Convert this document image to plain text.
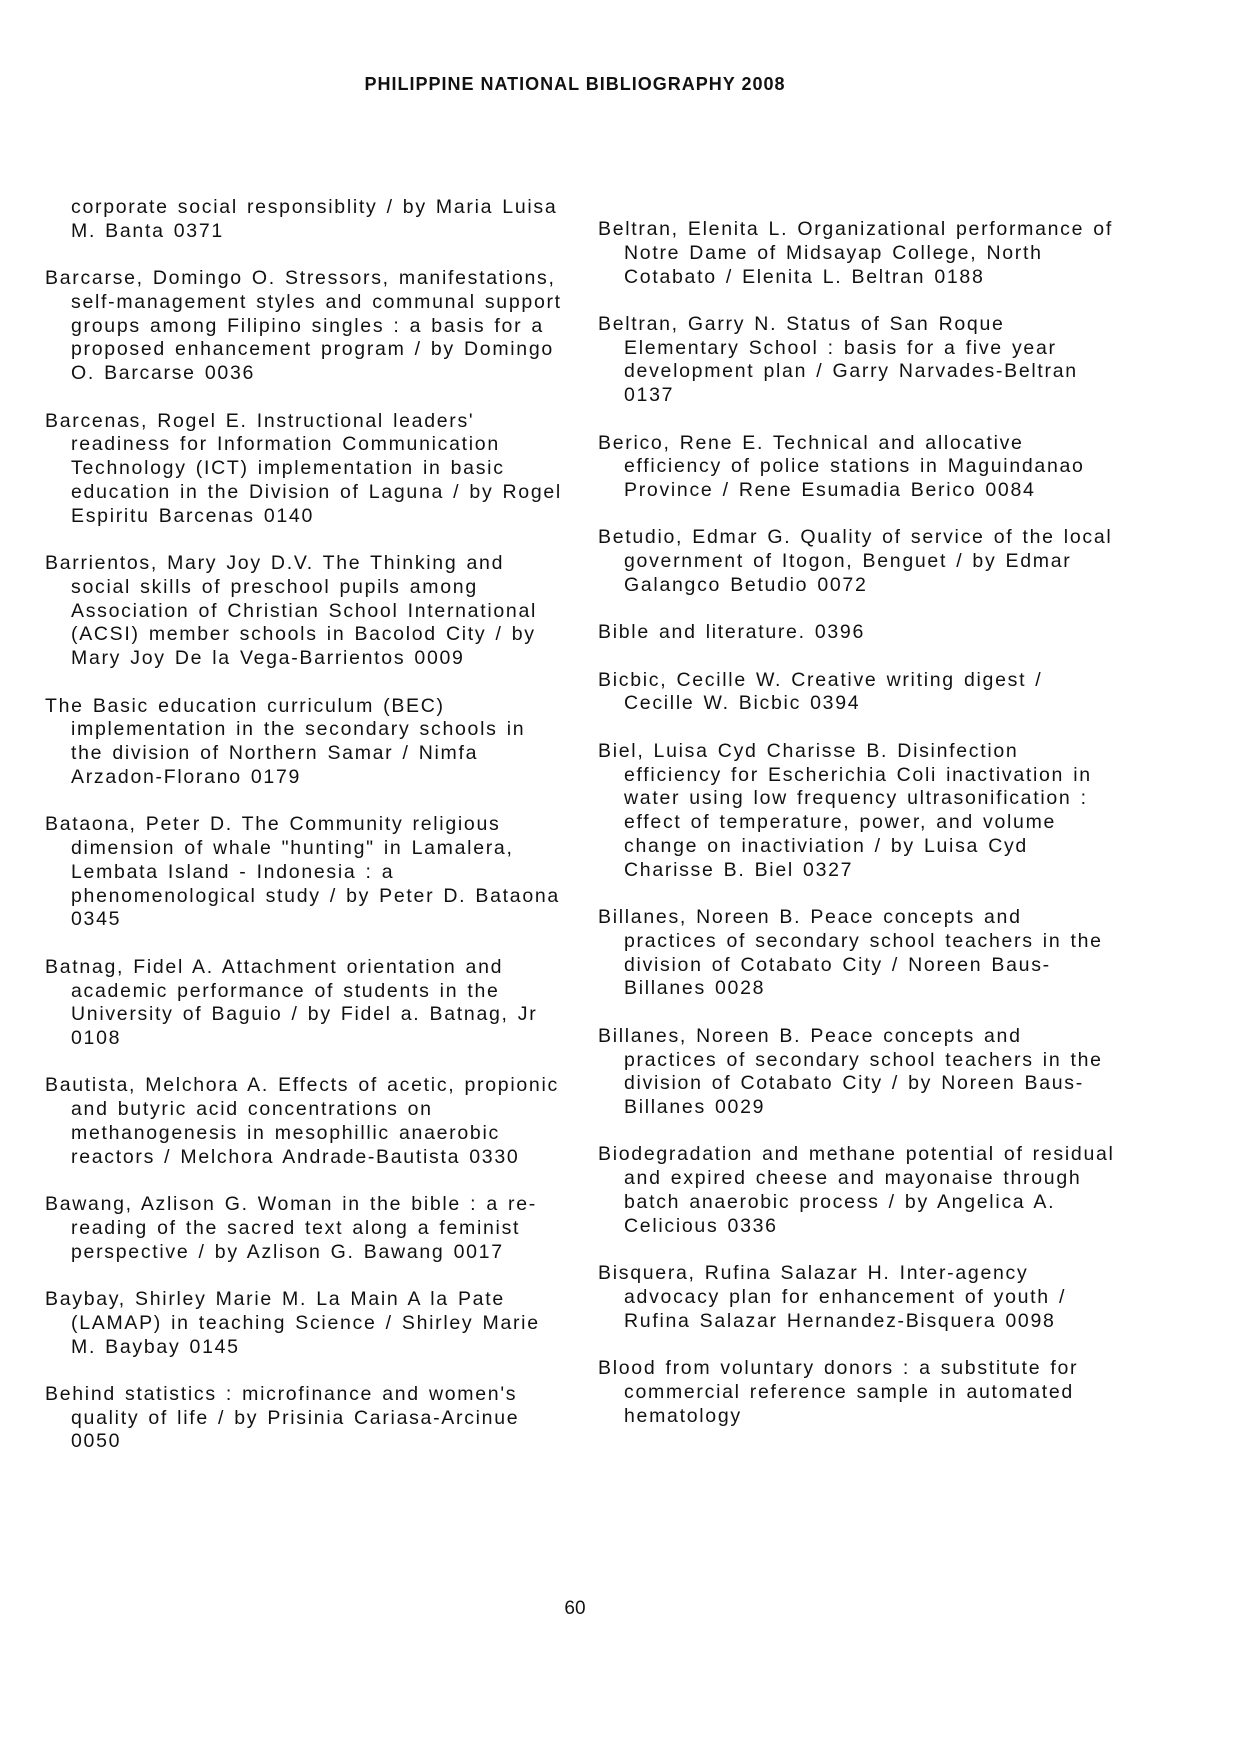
PHILIPPINE NATIONAL BIBLIOGRAPHY 2008
corporate social responsiblity / by Maria Luisa M. Banta 0371
Barcarse, Domingo O. Stressors, manifestations, self-management styles and communal support groups among Filipino singles : a basis for a proposed enhancement program / by Domingo O. Barcarse 0036
Barcenas, Rogel E. Instructional leaders' readiness for Information Communication Technology (ICT) implementation in basic education in the Division of Laguna / by Rogel Espiritu Barcenas 0140
Barrientos, Mary Joy D.V. The Thinking and social skills of preschool pupils among Association of Christian School International (ACSI) member schools in Bacolod City / by Mary Joy De la Vega-Barrientos 0009
The Basic education curriculum (BEC) implementation in the secondary schools in the division of Northern Samar / Nimfa Arzadon-Florano 0179
Bataona, Peter D. The Community religious dimension of whale "hunting" in Lamalera, Lembata Island - Indonesia : a phenomenological study / by Peter D. Bataona 0345
Batnag, Fidel A. Attachment orientation and academic performance of students in the University of Baguio / by Fidel a. Batnag, Jr 0108
Bautista, Melchora A. Effects of acetic, propionic and butyric acid concentrations on methanogenesis in mesophillic anaerobic reactors / Melchora Andrade-Bautista 0330
Bawang, Azlison G. Woman in the bible : a re-reading of the sacred text along a feminist perspective / by Azlison G. Bawang 0017
Baybay, Shirley Marie M. La Main A la Pate (LAMAP) in teaching Science / Shirley Marie M. Baybay 0145
Behind statistics : microfinance and women's quality of life / by Prisinia Cariasa-Arcinue 0050
Beltran, Elenita L. Organizational performance of Notre Dame of Midsayap College, North Cotabato / Elenita L. Beltran 0188
Beltran, Garry N. Status of San Roque Elementary School : basis for a five year development plan / Garry Narvades-Beltran 0137
Berico, Rene E. Technical and allocative efficiency of police stations in Maguindanao Province / Rene Esumadia Berico 0084
Betudio, Edmar G. Quality of service of the local government of Itogon, Benguet / by Edmar Galangco Betudio 0072
Bible and literature. 0396
Bicbic, Cecille W. Creative writing digest / Cecille W. Bicbic 0394
Biel, Luisa Cyd Charisse B. Disinfection efficiency for Escherichia Coli inactivation in water using low frequency ultrasonification : effect of temperature, power, and volume change on inactiviation / by Luisa Cyd Charisse B. Biel 0327
Billanes, Noreen B. Peace concepts and practices of secondary school teachers in the division of Cotabato City / Noreen Baus-Billanes 0028
Billanes, Noreen B. Peace concepts and practices of secondary school teachers in the division of Cotabato City / by Noreen Baus-Billanes 0029
Biodegradation and methane potential of residual and expired cheese and mayonaise through batch anaerobic process / by Angelica A. Celicious 0336
Bisquera, Rufina Salazar H. Inter-agency advocacy plan for enhancement of youth / Rufina Salazar Hernandez-Bisquera 0098
Blood from voluntary donors : a substitute for commercial reference sample in automated hematology
60
